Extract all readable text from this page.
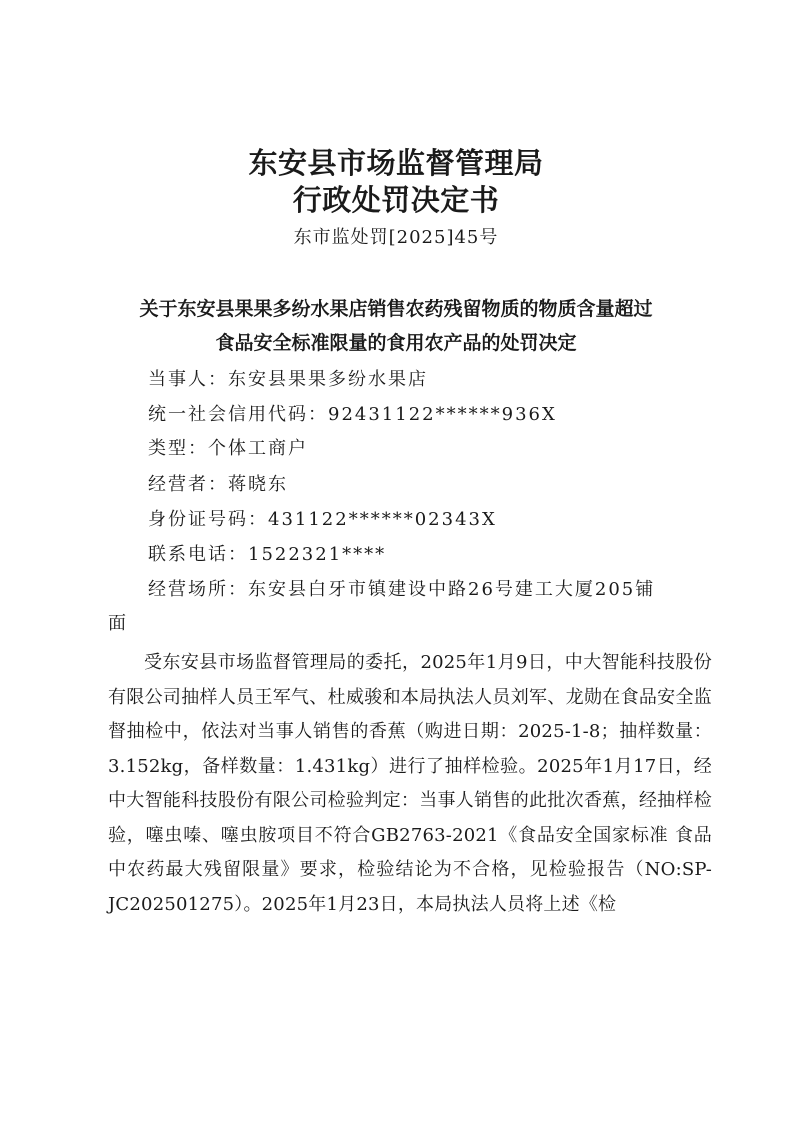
东安县市场监督管理局
行政处罚决定书
东市监处罚[2025]45号
关于东安县果果多纷水果店销售农药残留物质的物质含量超过
食品安全标准限量的食用农产品的处罚决定
当事人：东安县果果多纷水果店
统一社会信用代码：92431122******936X
类型：个体工商户
经营者：蒋晓东
身份证号码：431122******02343X
联系电话：1522321****
经营场所：东安县白牙市镇建设中路26号建工大厦205铺
面

受东安县市场监督管理局的委托，2025年1月9日，中大智能科技股份有限公司抽样人员王军气、杜威骏和本局执法人员刘军、龙勋在食品安全监督抽检中，依法对当事人销售的香蕉（购进日期：2025-1-8；抽样数量：3.152kg，备样数量：1.431kg）进行了抽样检验。2025年1月17日，经中大智能科技股份有限公司检验判定：当事人销售的此批次香蕉，经抽样检验，噻虫嗪、噻虫胺项目不符合GB2763-2021《食品安全国家标准 食品中农药最大残留限量》要求，检验结论为不合格，见检验报告（NO:SP-JC202501275）。2025年1月23日，本局执法人员将上述《检
